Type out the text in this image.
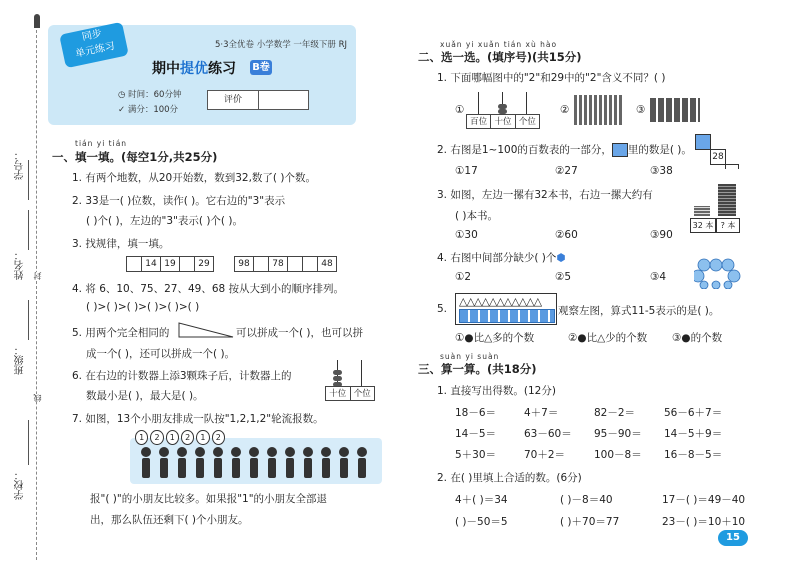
学号：
姓名： 封
班级：
线
学校：
同步
单元练习	5·3全优卷 小学数学 一年级下册 RJ
期中提优练习 B卷
◷ 时间：60分钟
✓ 满分：100分
评价
tián yi tián
一、填一填。(每空1分,共25分)
1. 有两个地数，从20开始数，数到32,数了( )个数。
2. 33是一( )位数，读作( )。它右边的"3"表示
( )个( )，左边的"3"表示( )个( )。
3. 找规律，填一填。
14 19	29	98	78	48
4. 将 6、10、75、27、49、68 按从大到小的顺序排列。
( )>( )>( )>( )>( )>( )
5. 用两个完全相同的	可以拼成一个( )，也可以拼
成一个( )，还可以拼成一个( )。
6. 在右边的计数器上添3颗珠子后，计数器上的
数最小是( )，最大是( )。	十位 个位
7. 如图，13个小朋友排成一队按"1,2,1,2"轮流报数。
1	2	1	2	1	2
报"( )"的小朋友比较多。如果报"1"的小朋友全部退
出，那么队伍还剩下( )个小朋友。
xuǎn yi xuǎn tián xù hào
二、选一选。(填序号)(共15分)
1. 下面哪幅图中的"2"和29中的"2"含义不同？( )
①
百位 十位 个位
②	③
2. 右图是1~100的百数表的一部分， 里的数是( )。
28
①17	②27	③38
3. 如图，左边一摞有32本书，右边一摞大约有
( )本书。
32 本 ? 本
①30	②60	③90
4. 右图中间部分缺少( )个⬢
①2	②5	③4
5.
△△△△△△△△△△△
观察左图，算式11-5表示的是( )。
①●比△多的个数	②●比△少的个数 ③●的个数
suàn yi suàn
三、算一算。(共18分)
1. 直接写出得数。(12分)
18－6＝	4＋7＝	82－2＝	56－6＋7＝
14－5＝	63－60＝ 95－90＝ 14－5＋9＝
5＋30＝	70＋2＝	100－8＝ 16－8－5＝
2. 在( )里填上合适的数。(6分)
4＋( )＝34	( )－8＝40	17－( )＝49－40
( )－50＝5	( )＋70＝77	23－( )＝10＋10
15
